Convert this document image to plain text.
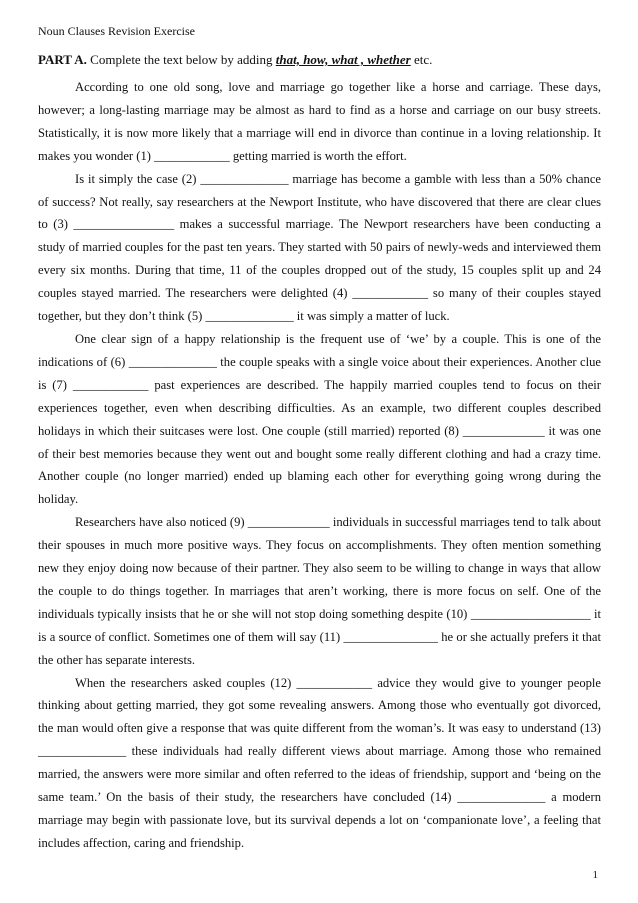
Noun Clauses Revision Exercise
PART A. Complete the text below by adding that, how, what , whether etc.

According to one old song, love and marriage go together like a horse and carriage. These days, however; a long-lasting marriage may be almost as hard to find as a horse and carriage on our busy streets. Statistically, it is now more likely that a marriage will end in divorce than continue in a loving relationship. It makes you wonder (1) ____________ getting married is worth the effort.

Is it simply the case (2) ______________ marriage has become a gamble with less than a 50% chance of success? Not really, say researchers at the Newport Institute, who have discovered that there are clear clues to (3) ________________ makes a successful marriage. The Newport researchers have been conducting a study of married couples for the past ten years. They started with 50 pairs of newly-weds and interviewed them every six months. During that time, 11 of the couples dropped out of the study, 15 couples split up and 24 couples stayed married. The researchers were delighted (4) ____________ so many of their couples stayed together, but they don’t think (5) ______________ it was simply a matter of luck.

One clear sign of a happy relationship is the frequent use of ‘we’ by a couple. This is one of the indications of (6) ______________ the couple speaks with a single voice about their experiences. Another clue is (7) ____________ past experiences are described. The happily married couples tend to focus on their experiences together, even when describing difficulties. As an example, two different couples described holidays in which their suitcases were lost. One couple (still married) reported (8) _____________ it was one of their best memories because they went out and bought some really different clothing and had a crazy time. Another couple (no longer married) ended up blaming each other for everything going wrong during the holiday.

Researchers have also noticed (9) _____________ individuals in successful marriages tend to talk about their spouses in much more positive ways. They focus on accomplishments. They often mention something new they enjoy doing now because of their partner. They also seem to be willing to change in ways that allow the couple to do things together. In marriages that aren’t working, there is more focus on self. One of the individuals typically insists that he or she will not stop doing something despite (10) ___________________ it is a source of conflict. Sometimes one of them will say (11) _______________ he or she actually prefers it that the other has separate interests.

When the researchers asked couples (12) ____________ advice they would give to younger people thinking about getting married, they got some revealing answers. Among those who eventually got divorced, the man would often give a response that was quite different from the woman’s. It was easy to understand (13) ______________ these individuals had really different views about marriage. Among those who remained married, the answers were more similar and often referred to the ideas of friendship, support and ‘being on the same team.’ On the basis of their study, the researchers have concluded (14) ______________ a modern marriage may begin with passionate love, but its survival depends a lot on ‘companionate love’, a feeling that includes affection, caring and friendship.

1
